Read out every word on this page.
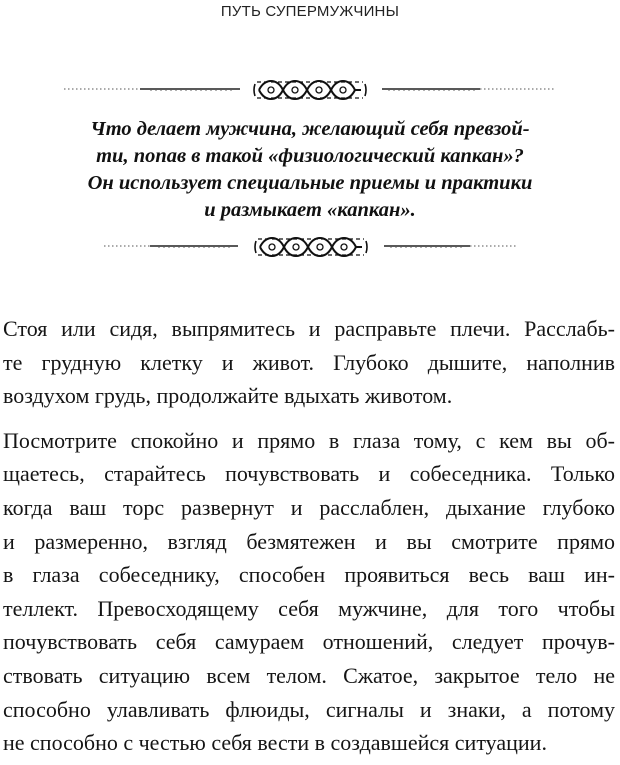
ПУТЬ СУПЕРМУЖЧИНЫ
Что делает мужчина, желающий себя превзой-
ти, попав в такой «физиологический капкан»?
Он использует специальные приемы и практики
и размыкает «капкан».
Стоя или сидя, выпрямитесь и расправьте плечи. Расслабь-
те грудную клетку и живот. Глубоко дышите, наполнив
воздухом грудь, продолжайте вдыхать животом.
Посмотрите спокойно и прямо в глаза тому, с кем вы об-
щаетесь, старайтесь почувствовать и собеседника. Только
когда ваш торс развернут и расслаблен, дыхание глубоко
и размеренно, взгляд безмятежен и вы смотрите прямо
в глаза собеседнику, способен проявиться весь ваш ин-
теллект. Превосходящему себя мужчине, для того чтобы
почувствовать себя самураем отношений, следует прочув-
ствовать ситуацию всем телом. Сжатое, закрытое тело не
способно улавливать флюиды, сигналы и знаки, а потому
не способно с честью себя вести в создавшейся ситуации.
